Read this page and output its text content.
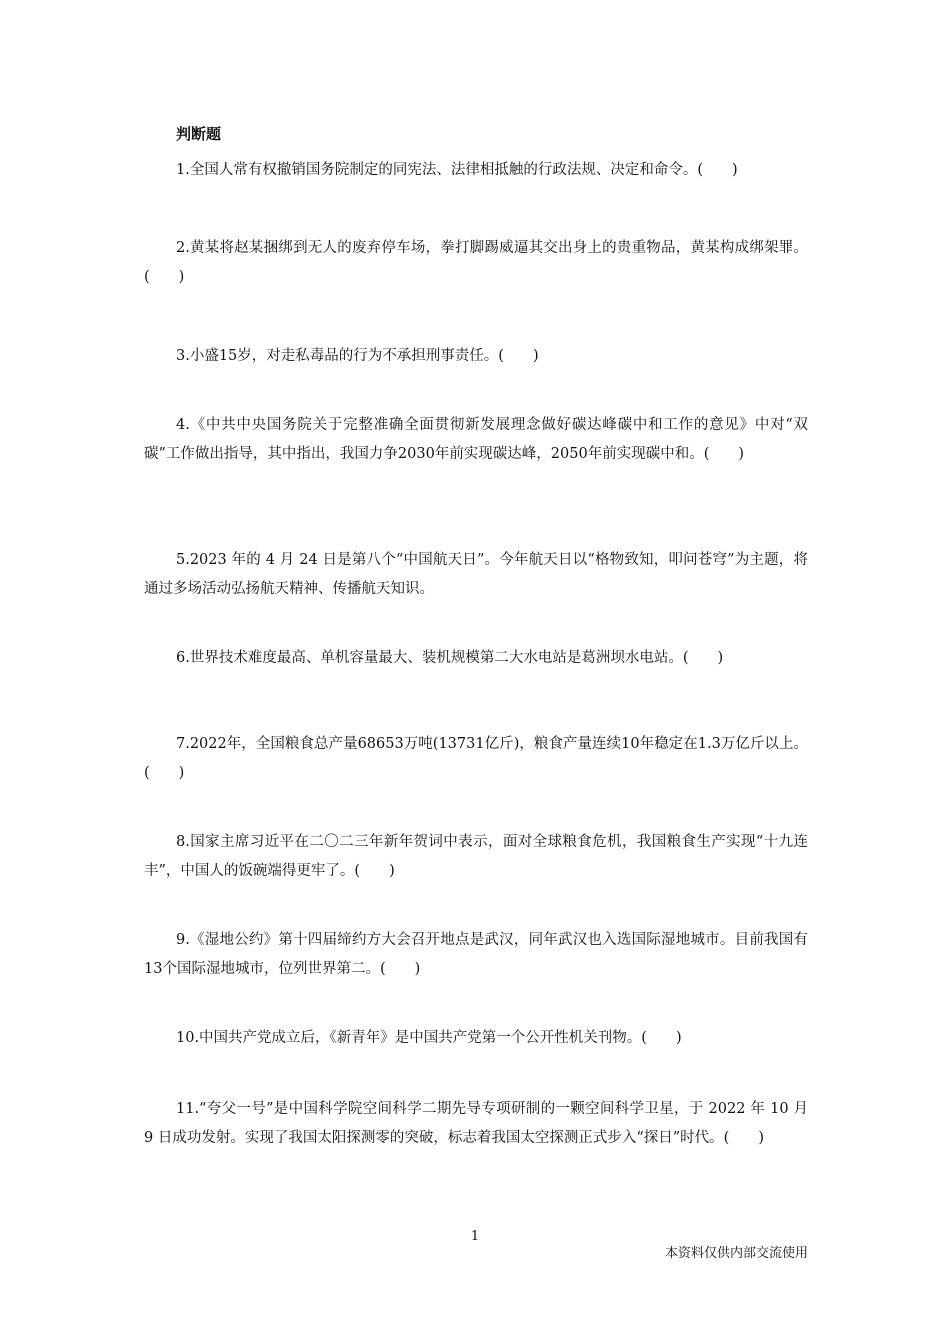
判断题

1.全国人常有权撤销国务院制定的同宪法、法律相抵触的行政法规、决定和命令。(　　)

2.黄某将赵某捆绑到无人的废弃停车场，拳打脚踢威逼其交出身上的贵重物品，黄某构成绑架罪。(　　)

3.小盛15岁，对走私毒品的行为不承担刑事责任。(　　)

4.《中共中央国务院关于完整准确全面贯彻新发展理念做好碳达峰碳中和工作的意见》中对“双碳”工作做出指导，其中指出，我国力争2030年前实现碳达峰，2050年前实现碳中和。(　　)

5.2023 年的 4 月 24 日是第八个“中国航天日”。今年航天日以“格物致知，叩问苍穹”为主题，将通过多场活动弘扬航天精神、传播航天知识。

6.世界技术难度最高、单机容量最大、装机规模第二大水电站是葛洲坝水电站。(　　)

7.2022年，全国粮食总产量68653万吨(13731亿斤)，粮食产量连续10年稳定在1.3万亿斤以上。(　　)

8.国家主席习近平在二〇二三年新年贺词中表示，面对全球粮食危机，我国粮食生产实现“十九连丰”，中国人的饭碗端得更牢了。(　　)

9.《湿地公约》第十四届缔约方大会召开地点是武汉，同年武汉也入选国际湿地城市。目前我国有13个国际湿地城市，位列世界第二。(　　)

10.中国共产党成立后，《新青年》是中国共产党第一个公开性机关刊物。(　　)

11.“夸父一号”是中国科学院空间科学二期先导专项研制的一颗空间科学卫星，于 2022 年 10 月 9 日成功发射。实现了我国太阳探测零的突破，标志着我国太空探测正式步入“探日”时代。(　　)

1
本资料仅供内部交流使用
